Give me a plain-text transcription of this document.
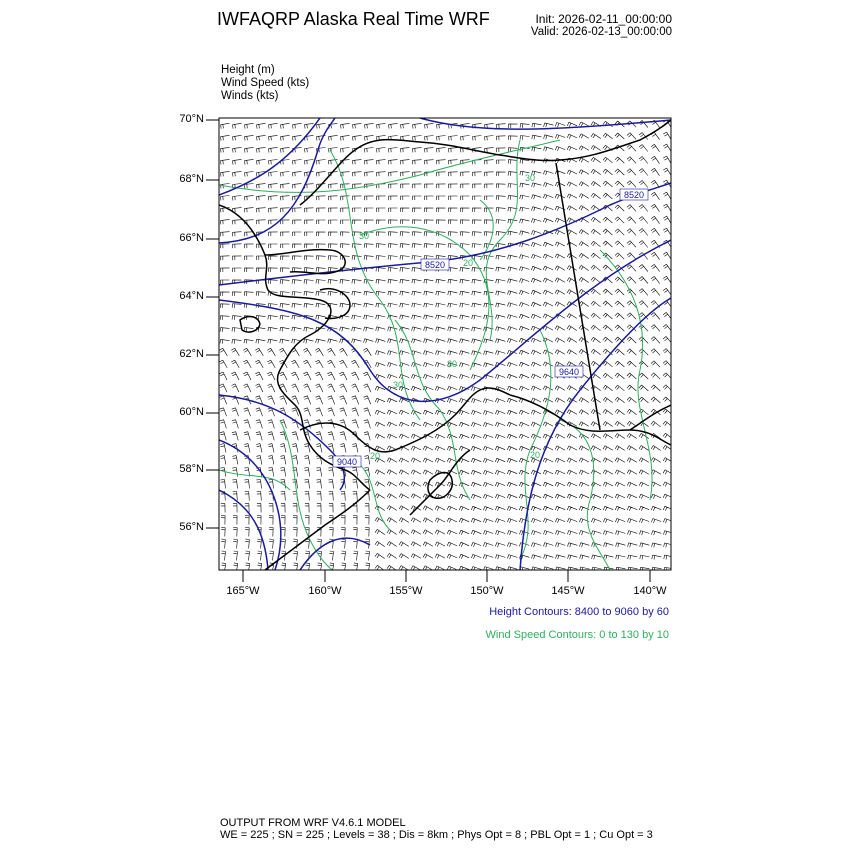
IWFAQRP Alaska Real Time WRF	Init: 2026-02-11_00:00:00
Valid: 2026-02-13_00:00:00
Height (m)
Wind Speed (kts)
Winds (kts)
8520
8520
9640
9040
30
30
20
30
30
20
20
70°N
68°N
66°N
64°N
62°N
60°N
58°N
56°N
165°W	160°W	155°W	150°W	145°W	140°W
Height Contours: 8400 to 9060 by 60
Wind Speed Contours: 0 to 130 by 10
OUTPUT FROM WRF V4.6.1 MODEL
WE = 225 ; SN = 225 ; Levels = 38 ; Dis = 8km ; Phys Opt = 8 ; PBL Opt = 1 ; Cu Opt = 3
